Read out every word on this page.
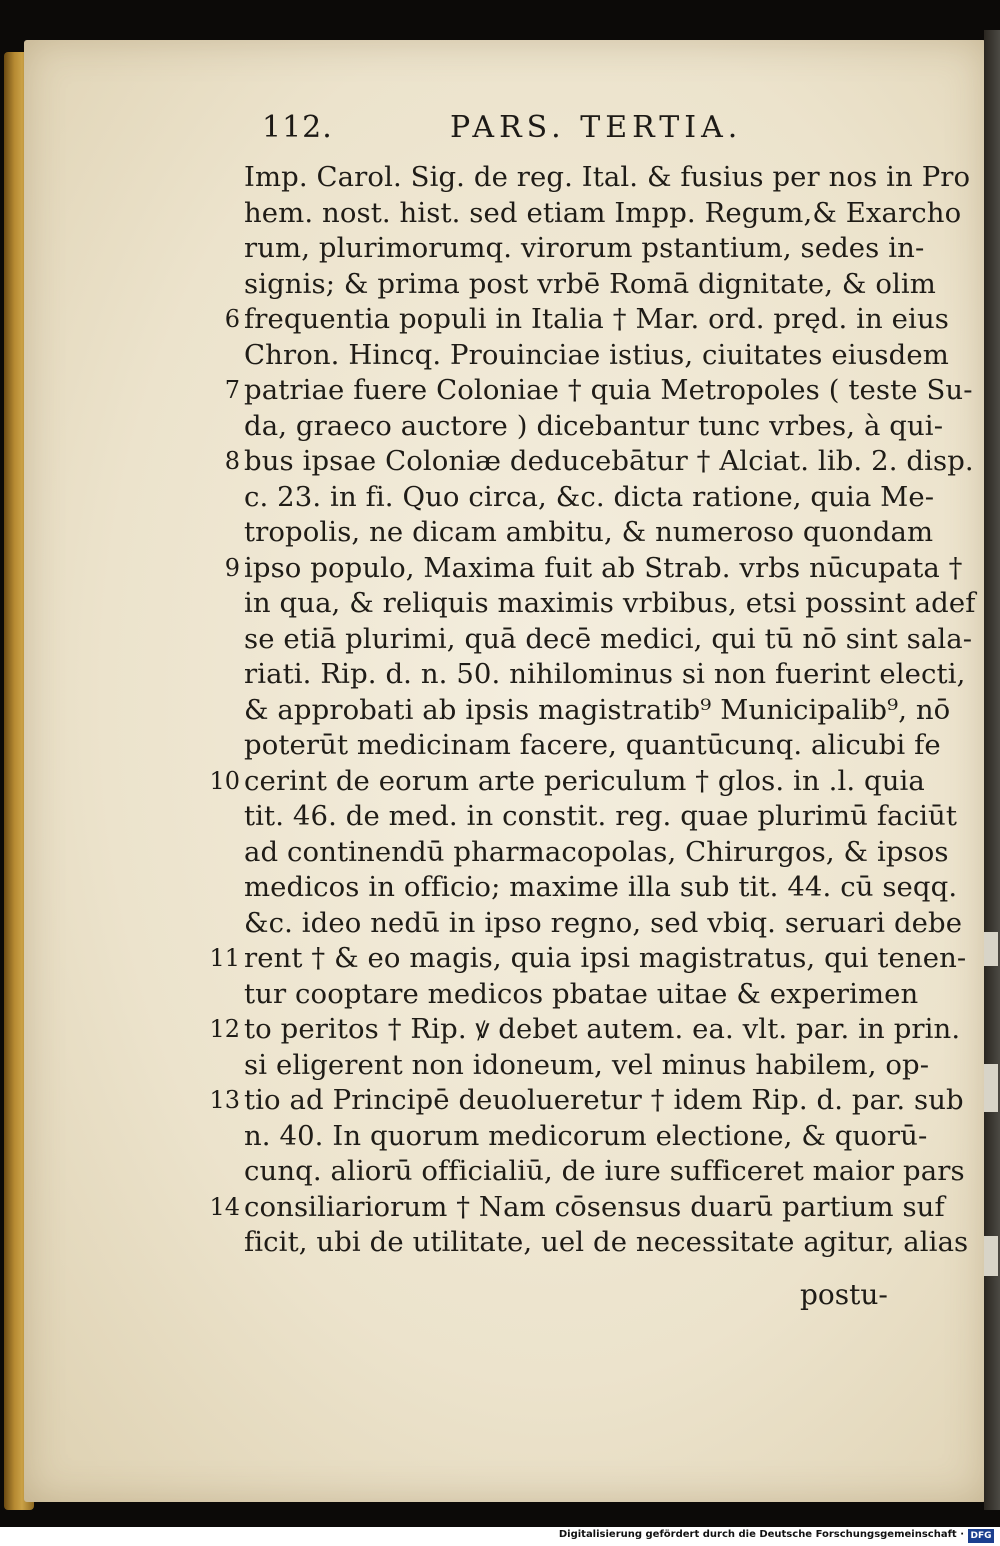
112.	PARS. TERTIA.
Imp. Carol. Sig. de reg. Ital. & fusius per nos in Pro
hem. nost. hist. sed etiam Impp. Regum,& Exarcho
rum, plurimorumq. virorum pstantium, sedes in-
signis; & prima post vrbē Romā dignitate, & olim
6 frequentia populi in Italia † Mar. ord. pręd. in eius
Chron. Hincq. Prouinciae istius, ciuitates eiusdem
7 patriae fuere Coloniae † quia Metropoles ( teste Su-
da, graeco auctore ) dicebantur tunc vrbes, à qui-
8 bus ipsae Coloniæ deducebātur † Alciat. lib. 2. disp.
c. 23. in fi. Quo circa, &c. dicta ratione, quia Me-
tropolis, ne dicam ambitu, & numeroso quondam
9 ipso populo, Maxima fuit ab Strab. vrbs nūcupata †
in qua, & reliquis maximis vrbibus, etsi possint adef
se etiā plurimi, quā decē medici, qui tū nō sint sala-
riati. Rip. d. n. 50. nihilominus si non fuerint electi,
& approbati ab ipsis magistratib⁹ Municipalib⁹, nō
poterūt medicinam facere, quantūcunq. alicubi fe
10 cerint de eorum arte periculum † glos. in .l. quia
tit. 46. de med. in constit. reg. quae plurimū faciūt
ad continendū pharmacopolas, Chirurgos, & ipsos
medicos in officio; maxime illa sub tit. 44. cū seqq.
&c. ideo nedū in ipso regno, sed vbiq. seruari debe
11 rent † & eo magis, quia ipsi magistratus, qui tenen-
tur cooptare medicos pbatae uitae & experimen
12 to peritos † Rip. ꝟ debet autem. ea. vlt. par. in prin.
si eligerent non idoneum, vel minus habilem, op-
13 tio ad Principē deuolueretur † idem Rip. d. par. sub
n. 40. In quorum medicorum electione, & quorū-
cunq. aliorū officialiū, de iure sufficeret maior pars
14 consiliariorum † Nam cōsensus duarū partium suf
ficit, ubi de utilitate, uel de necessitate agitur, alias
postu-
Digitalisierung gefördert durch die Deutsche Forschungsgemeinschaft · DFG
